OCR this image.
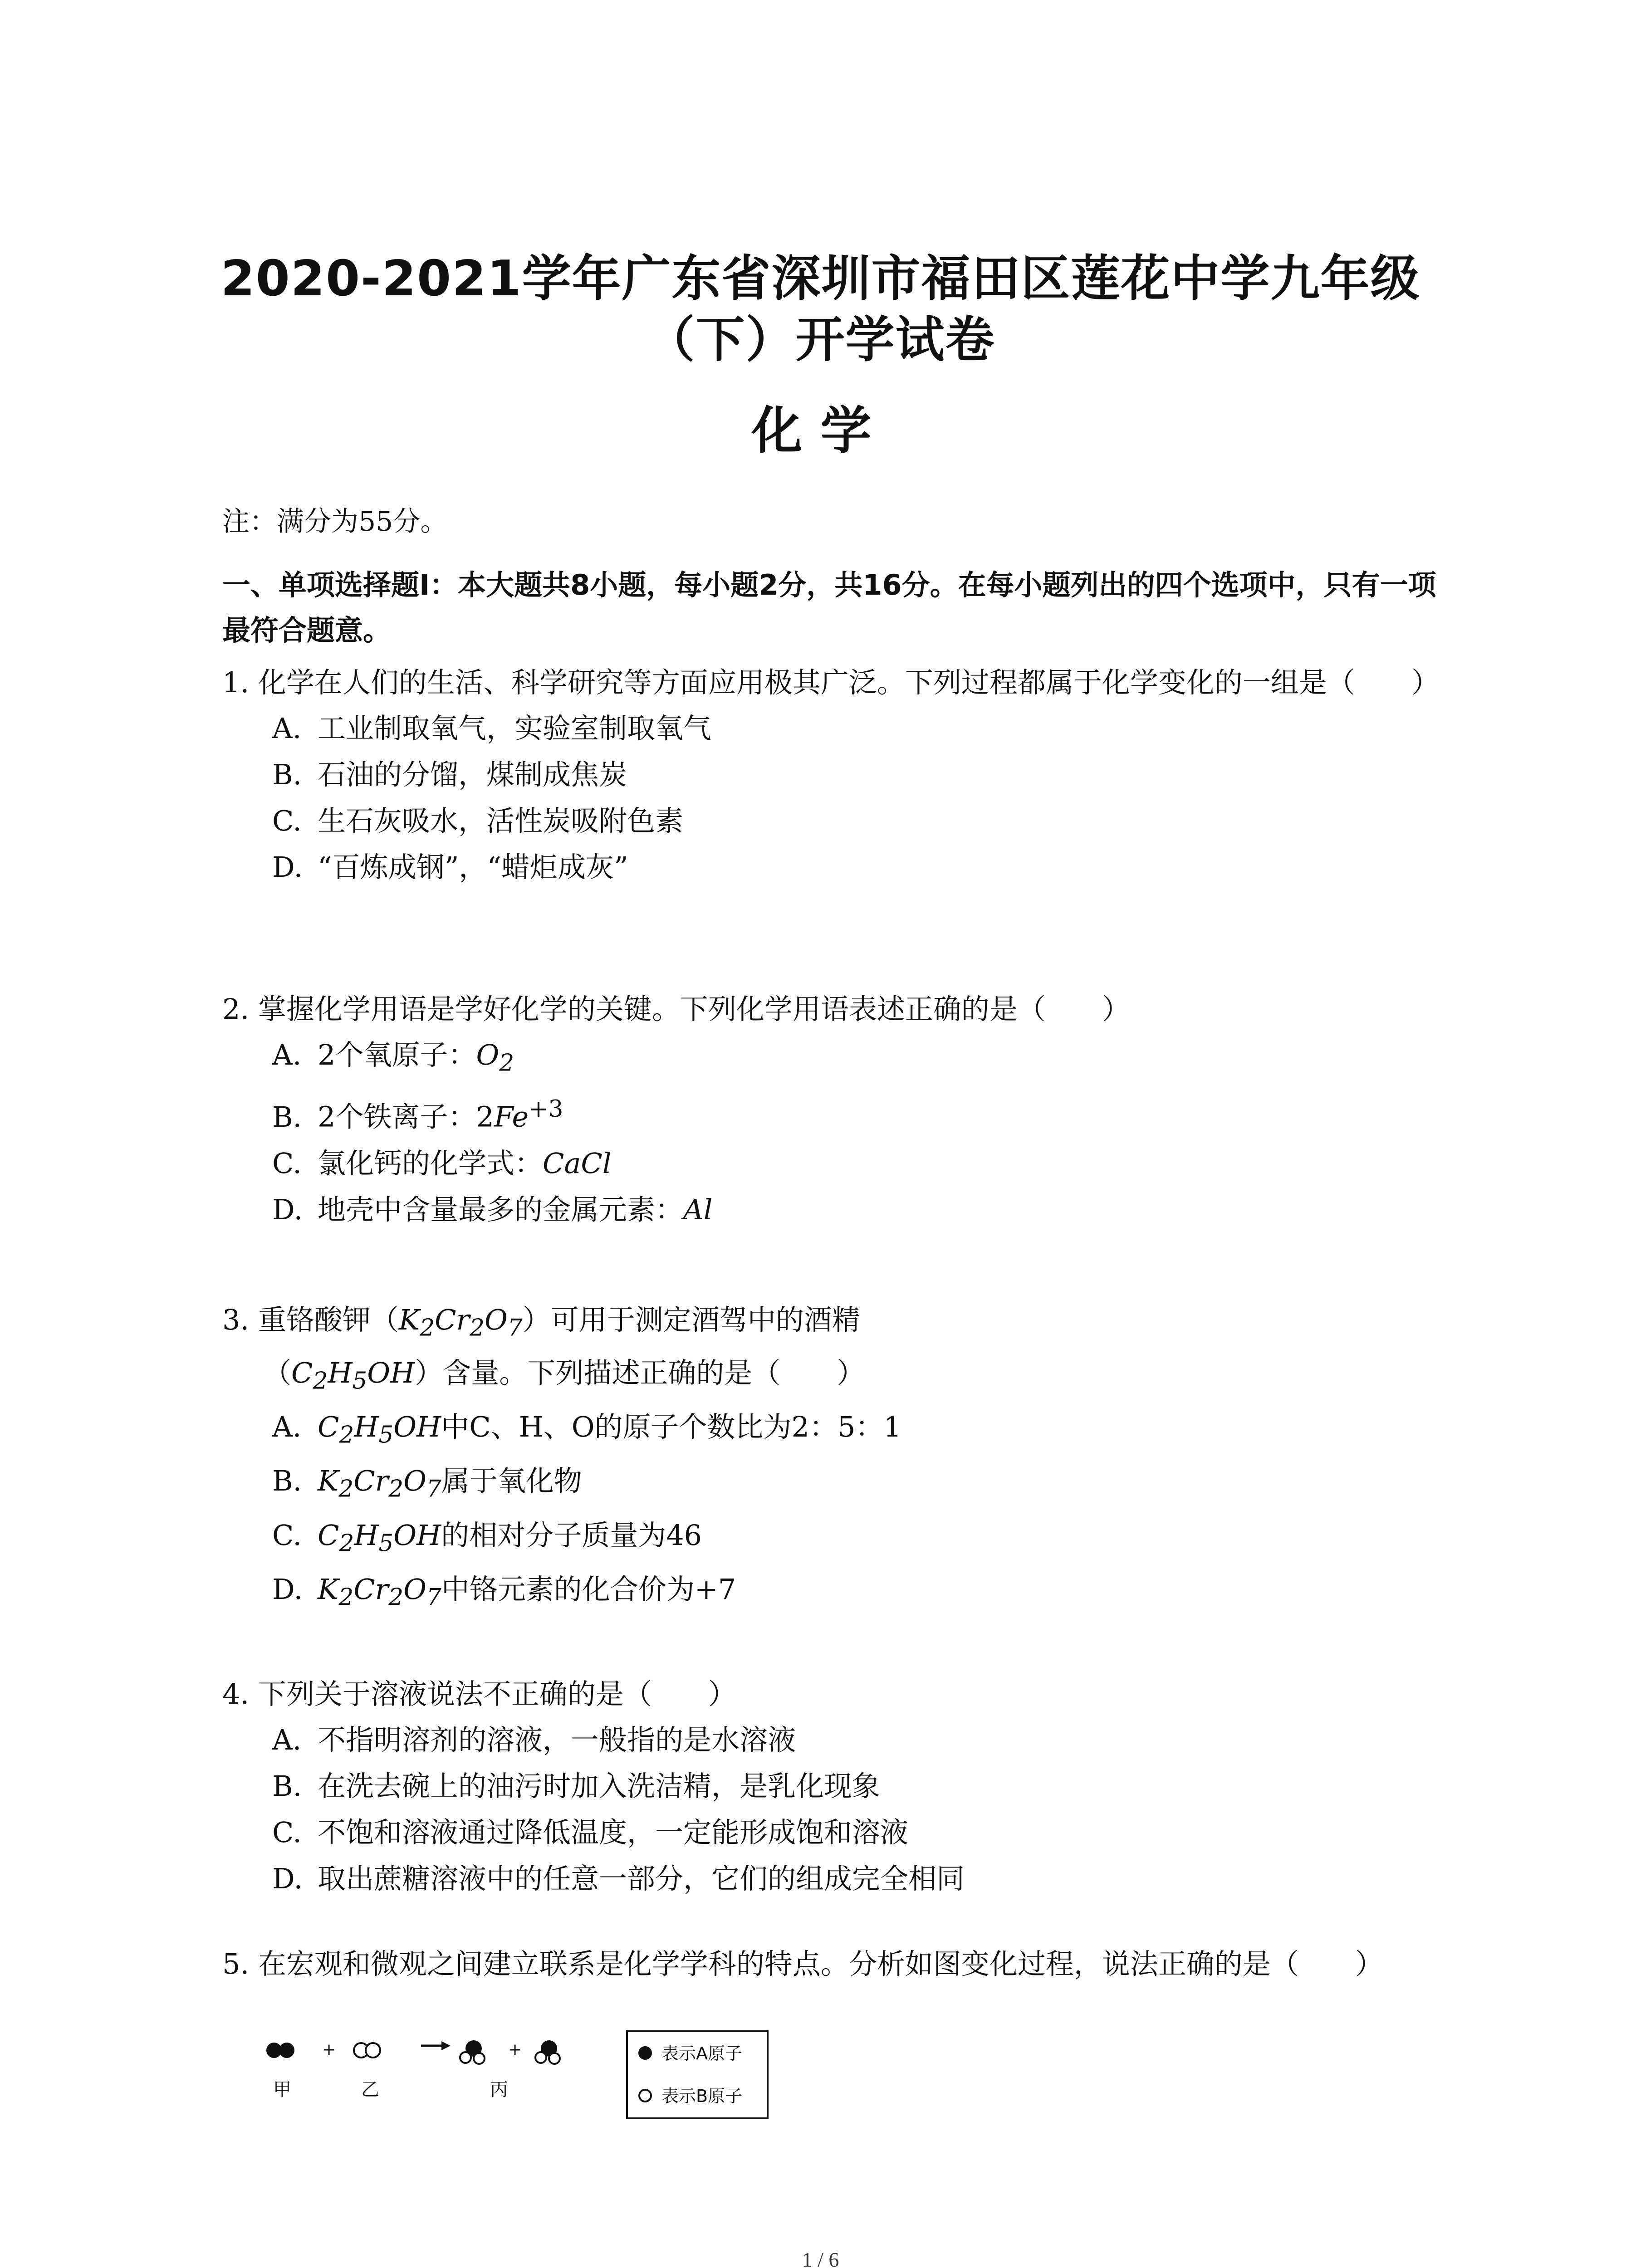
2020-2021学年广东省深圳市福田区莲花中学九年级
（下）开学试卷
化学
注：满分为55分。
一、单项选择题Ⅰ：本大题共8小题，每小题2分，共16分。在每小题列出的四个选项中，只有一项最符合题意。

1. 化学在人们的生活、科学研究等方面应用极其广泛。下列过程都属于化学变化的一组是（　　）

A. 工业制取氧气，实验室制取氧气

B. 石油的分馏，煤制成焦炭

C. 生石灰吸水，活性炭吸附色素

D. “百炼成钢”，“蜡炬成灰”

2. 掌握化学用语是学好化学的关键。下列化学用语表述正确的是（　　）

A. 2个氧原子：$O_2$

B. 2个铁离子：$2Fe^{+3}$

C. 氯化钙的化学式：CaCl

D. 地壳中含量最多的金属元素：Al

3. 重铬酸钾$(K_2Cr_2O_7)$可用于测定酒驾中的酒精$(C_2H_5OH)$含量。下列描述正确的是（　　）

A. $C_2H_5OH$中C、H、O的原子个数比为2：5：1

B. $K_2Cr_2O_7$属于氧化物

C. $C_2H_5OH$的相对分子质量为46

D. $K_2Cr_2O_7$中铬元素的化合价为+7

4. 下列关于溶液说法不正确的是（　　）

A. 不指明溶剂的溶液，一般指的是水溶液

B. 在洗去碗上的油污时加入洗洁精，是乳化现象

C. 不饱和溶液通过降低温度，一定能形成饱和溶液

D. 取出蔗糖溶液中的任意一部分，它们的组成完全相同

5. 在宏观和微观之间建立联系是化学学科的特点。分析如图变化过程，说法正确的是（　　）

+	+
甲	乙	丙
表示A原子
表示B原子
1 / 6
